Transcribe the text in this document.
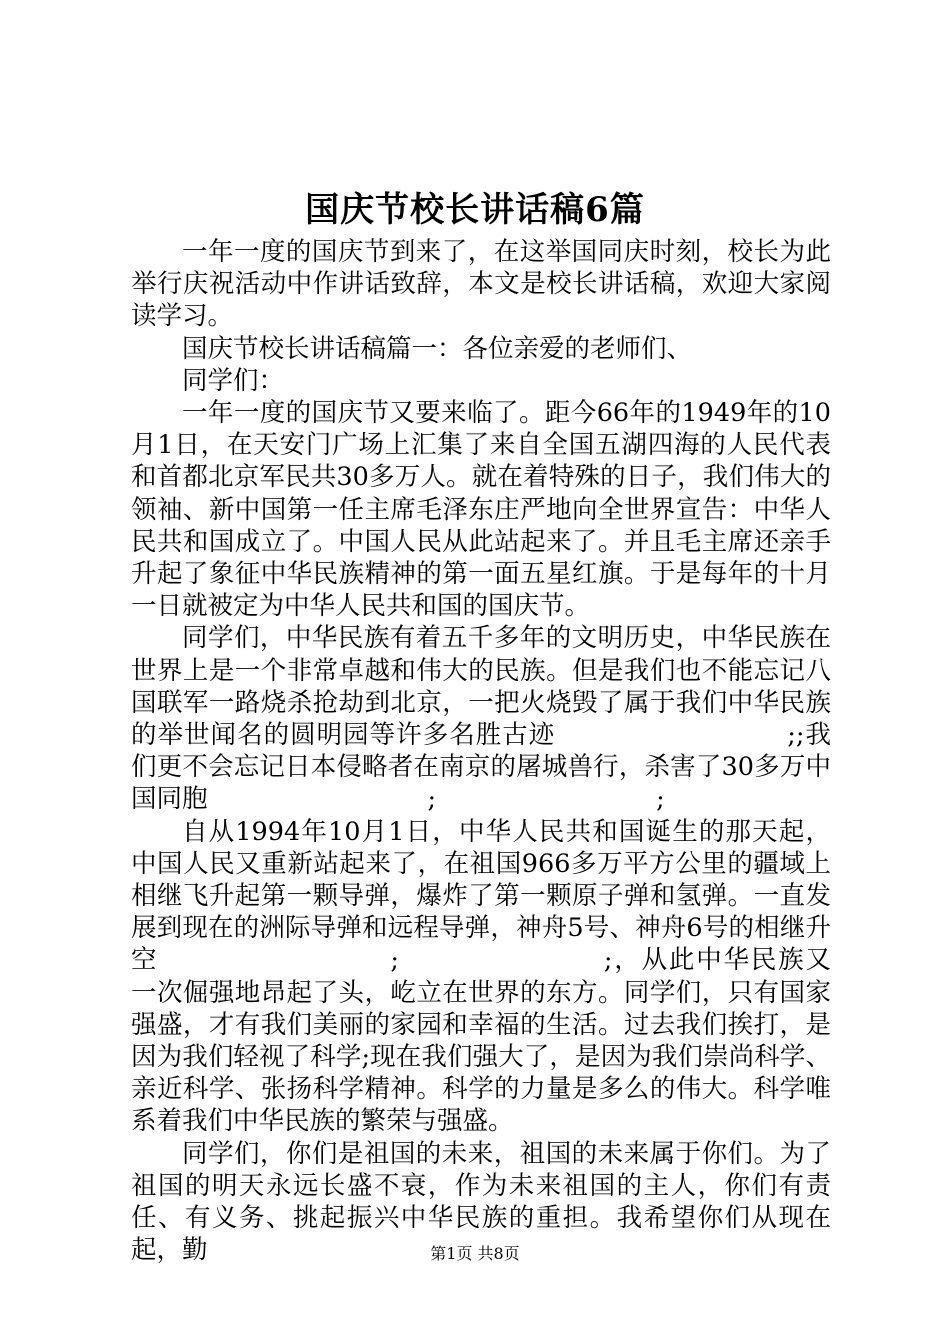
国庆节校长讲话稿6篇

一年一度的国庆节到来了，在这举国同庆时刻，校长为此举行庆祝活动中作讲话致辞，本文是校长讲话稿，欢迎大家阅读学习。

国庆节校长讲话稿篇一：各位亲爱的老师们、

同学们：

一年一度的国庆节又要来临了。距今66年的1949年的10月1日，在天安门广场上汇集了来自全国五湖四海的人民代表和首都北京军民共30多万人。就在着特殊的日子，我们伟大的领袖、新中国第一任主席毛泽东庄严地向全世界宣告：中华人民共和国成立了。中国人民从此站起来了。并且毛主席还亲手升起了象征中华民族精神的第一面五星红旗。于是每年的十月一日就被定为中华人民共和国的国庆节。

同学们，中华民族有着五千多年的文明历史，中华民族在世界上是一个非常卓越和伟大的民族。但是我们也不能忘记八国联军一路烧杀抢劫到北京，一把火烧毁了属于我们中华民族的举世闻名的圆明园等许多名胜古迹	;;我们更不会忘记日本侵略者在南京的屠城兽行，杀害了30多万中国同胞	;	;

自从1994年10月1日，中华人民共和国诞生的那天起，中国人民又重新站起来了，在祖国966多万平方公里的疆域上相继飞升起第一颗导弹，爆炸了第一颗原子弹和氢弹。一直发展到现在的洲际导弹和远程导弹，神舟5号、神舟6号的相继升空	;	;，从此中华民族又一次倔强地昂起了头，屹立在世界的东方。同学们，只有国家强盛，才有我们美丽的家园和幸福的生活。过去我们挨打，是因为我们轻视了科学;现在我们强大了，是因为我们崇尚科学、亲近科学、张扬科学精神。科学的力量是多么的伟大。科学唯系着我们中华民族的繁荣与强盛。

同学们，你们是祖国的未来，祖国的未来属于你们。为了祖国的明天永远长盛不衰，作为未来祖国的主人，你们有责任、有义务、挑起振兴中华民族的重担。我希望你们从现在起，勤	第1页 共8页
